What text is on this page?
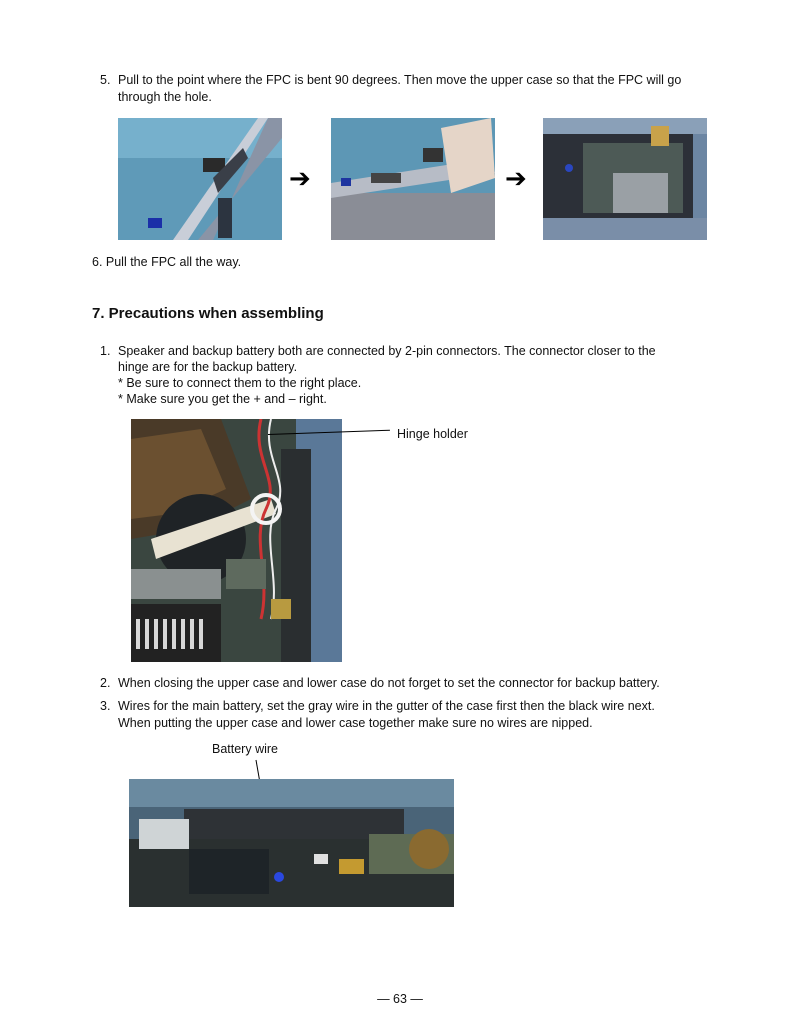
5. Pull to the point where the FPC is bent 90 degrees. Then move the upper case so that the FPC will go
through the hole.
➔	➔
6. Pull the FPC all the way.
7. Precautions when assembling
1. Speaker and backup battery both are connected by 2-pin connectors. The connector closer to the
hinge are for the backup battery.
* Be sure to connect them to the right place.
* Make sure you get the + and – right.
Hinge holder
2. When closing the upper case and lower case do not forget to set the connector for backup battery.
3. Wires for the main battery, set the gray wire in the gutter of the case first then the black wire next.
When putting the upper case and lower case together make sure no wires are nipped.
Battery wire
— 63 —
